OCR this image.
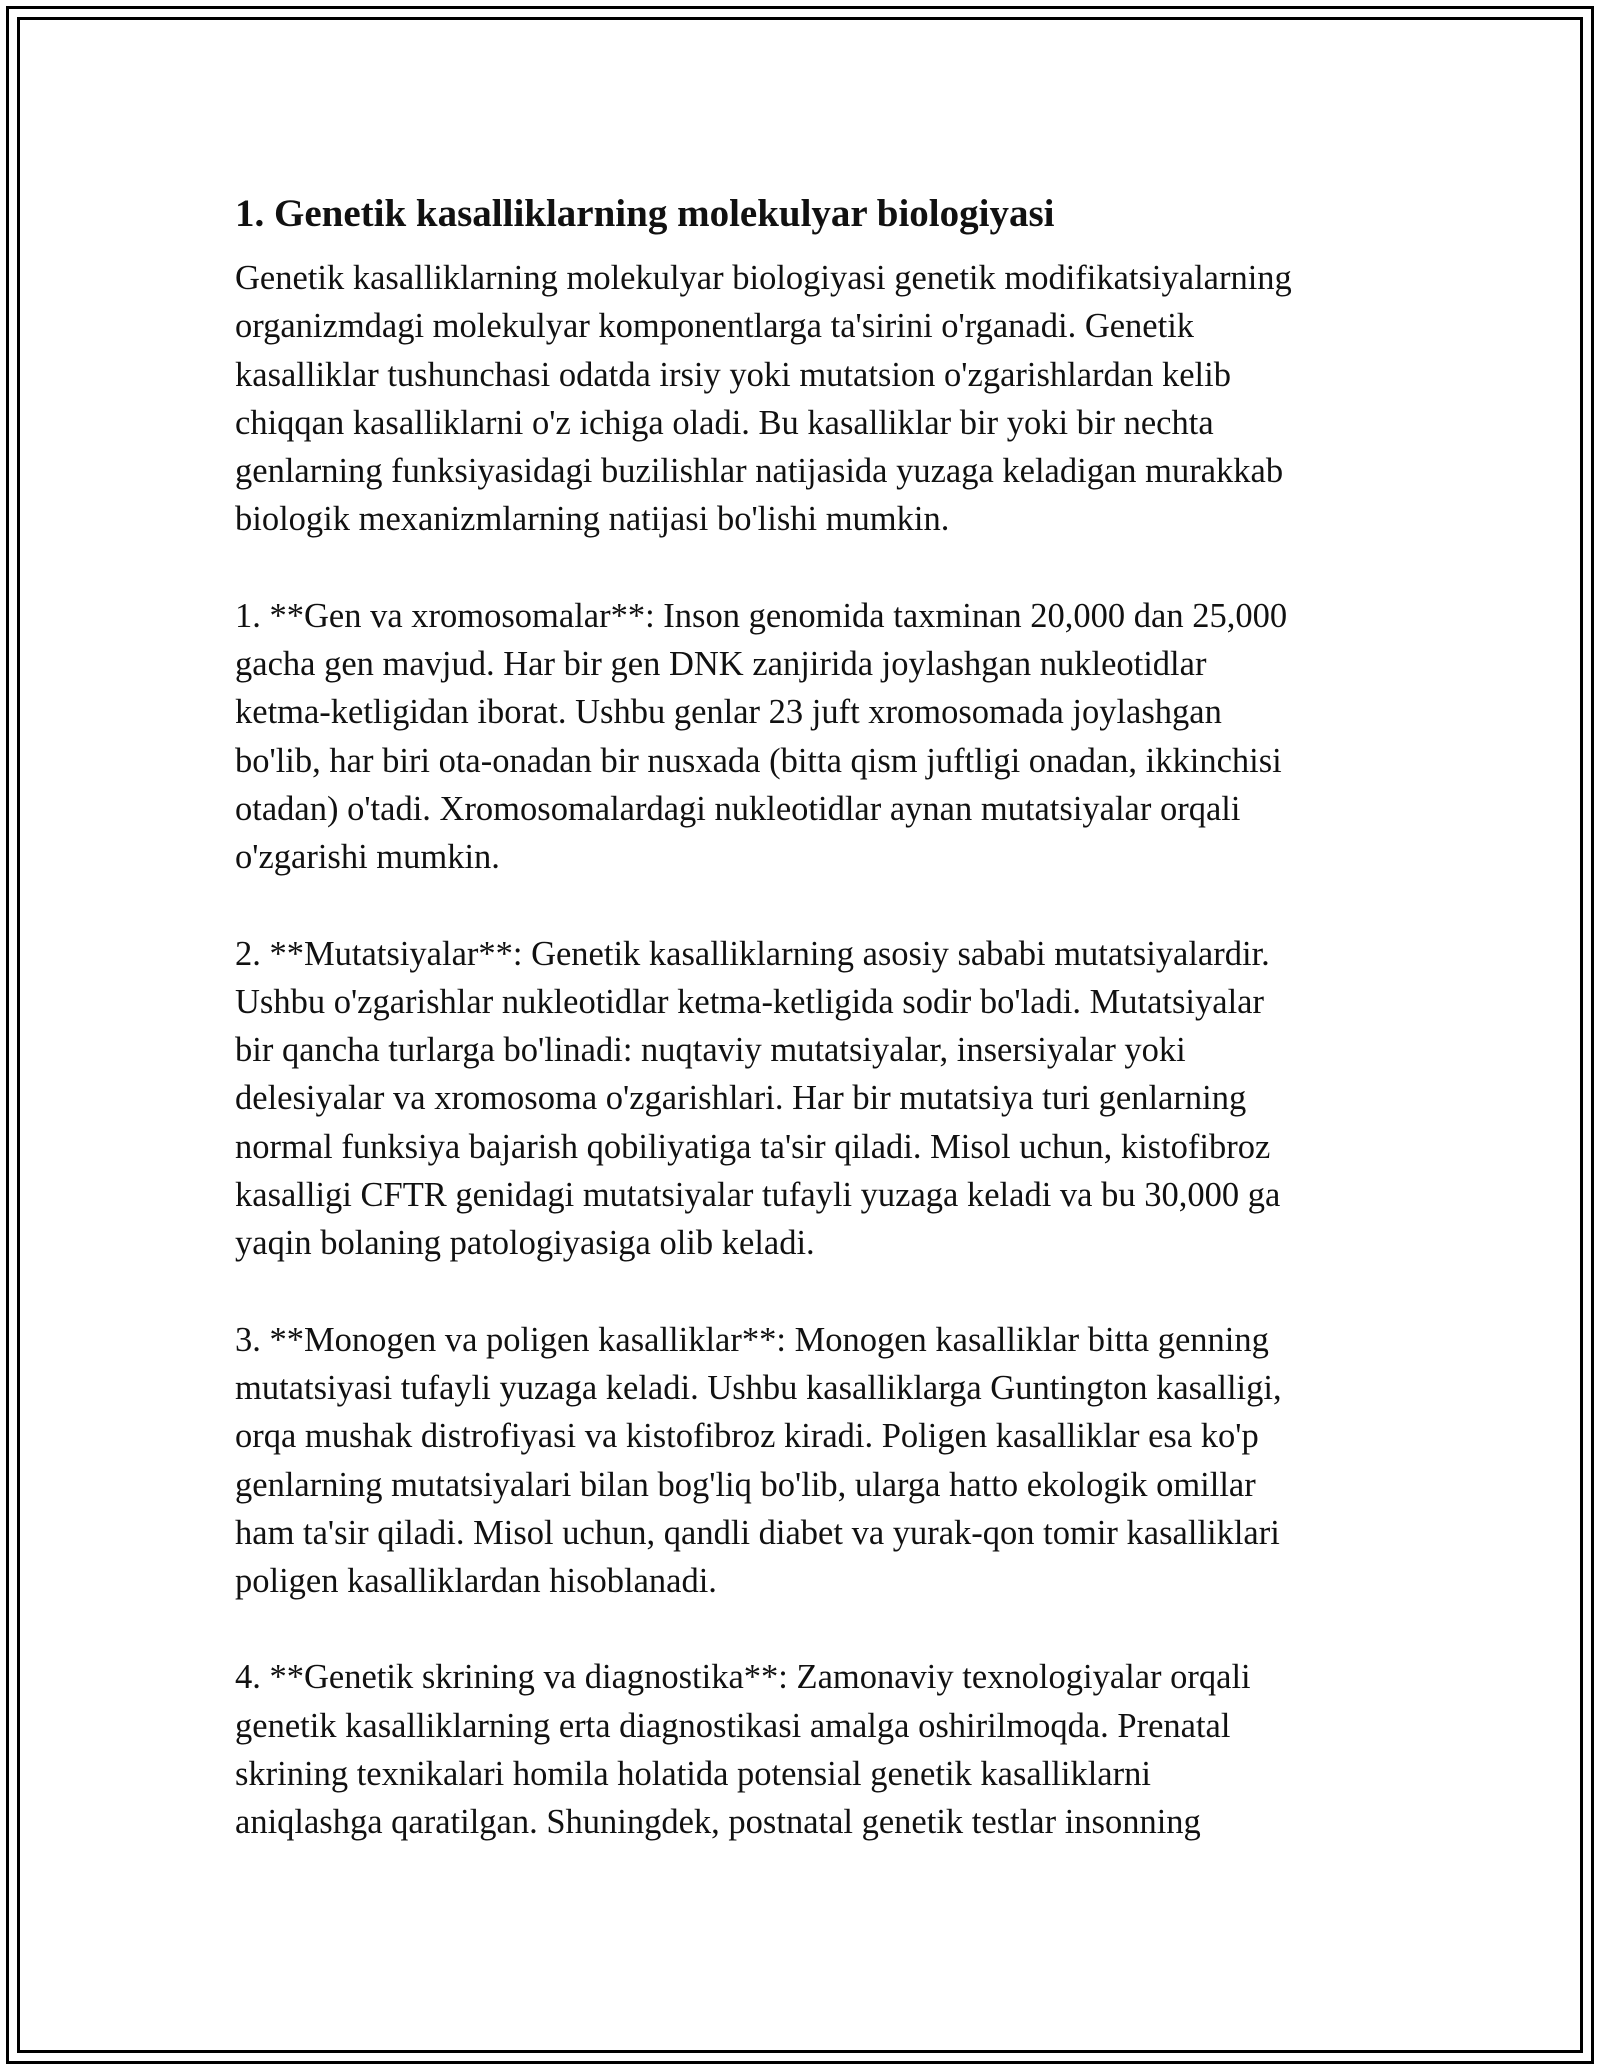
1. Genetik kasalliklarning molekulyar biologiyasi

Genetik kasalliklarning molekulyar biologiyasi genetik modifikatsiyalarning
organizmdagi molekulyar komponentlarga ta'sirini o'rganadi. Genetik
kasalliklar tushunchasi odatda irsiy yoki mutatsion o'zgarishlardan kelib
chiqqan kasalliklarni o'z ichiga oladi. Bu kasalliklar bir yoki bir nechta
genlarning funksiyasidagi buzilishlar natijasida yuzaga keladigan murakkab
biologik mexanizmlarning natijasi bo'lishi mumkin.

1. **Gen va xromosomalar**: Inson genomida taxminan 20,000 dan 25,000
gacha gen mavjud. Har bir gen DNK zanjirida joylashgan nukleotidlar
ketma-ketligidan iborat. Ushbu genlar 23 juft xromosomada joylashgan
bo'lib, har biri ota-onadan bir nusxada (bitta qism juftligi onadan, ikkinchisi
otadan) o'tadi. Xromosomalardagi nukleotidlar aynan mutatsiyalar orqali
o'zgarishi mumkin.

2. **Mutatsiyalar**: Genetik kasalliklarning asosiy sababi mutatsiyalardir.
Ushbu o'zgarishlar nukleotidlar ketma-ketligida sodir bo'ladi. Mutatsiyalar
bir qancha turlarga bo'linadi: nuqtaviy mutatsiyalar, insersiyalar yoki
delesiyalar va xromosoma o'zgarishlari. Har bir mutatsiya turi genlarning
normal funksiya bajarish qobiliyatiga ta'sir qiladi. Misol uchun, kistofibroz
kasalligi CFTR genidagi mutatsiyalar tufayli yuzaga keladi va bu 30,000 ga
yaqin bolaning patologiyasiga olib keladi.

3. **Monogen va poligen kasalliklar**: Monogen kasalliklar bitta genning
mutatsiyasi tufayli yuzaga keladi. Ushbu kasalliklarga Guntington kasalligi,
orqa mushak distrofiyasi va kistofibroz kiradi. Poligen kasalliklar esa ko'p
genlarning mutatsiyalari bilan bog'liq bo'lib, ularga hatto ekologik omillar
ham ta'sir qiladi. Misol uchun, qandli diabet va yurak-qon tomir kasalliklari
poligen kasalliklardan hisoblanadi.

4. **Genetik skrining va diagnostika**: Zamonaviy texnologiyalar orqali
genetik kasalliklarning erta diagnostikasi amalga oshirilmoqda. Prenatal
skrining texnikalari homila holatida potensial genetik kasalliklarni
aniqlashga qaratilgan. Shuningdek, postnatal genetik testlar insonning
